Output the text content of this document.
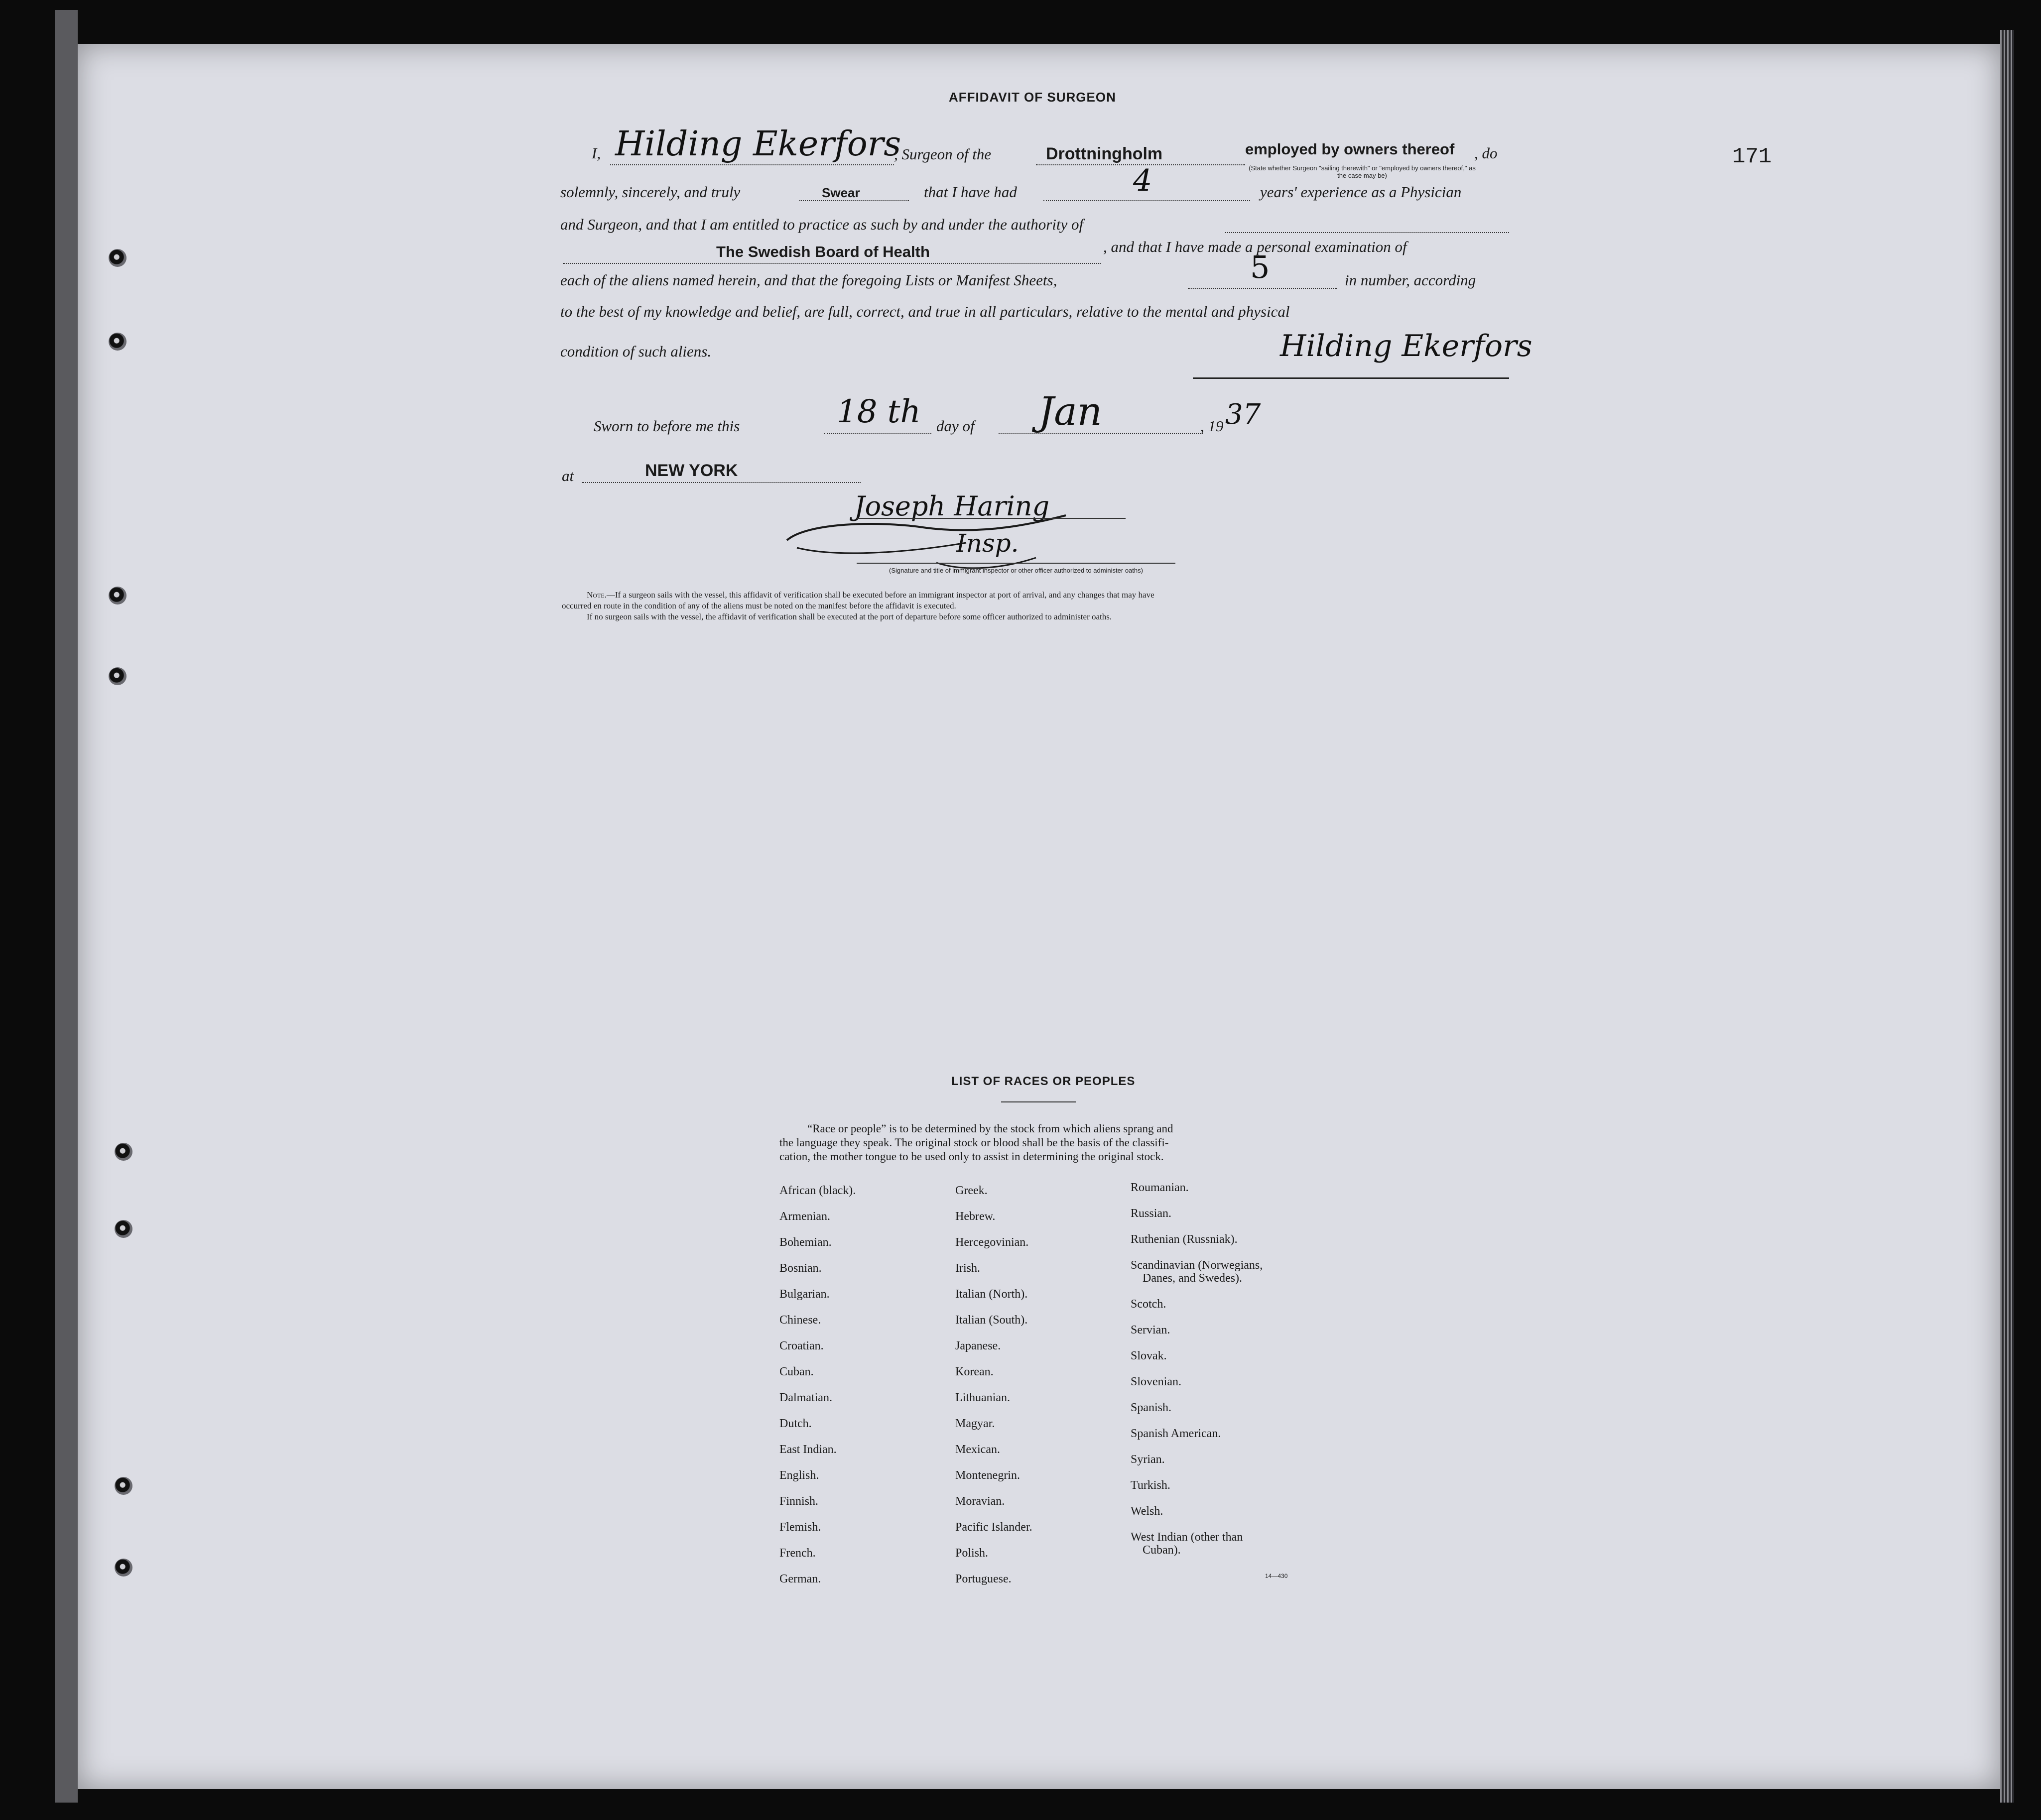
171
AFFIDAVIT OF SURGEON
I, Hilding Ekerfors
, Surgeon of the	Drottningholm	employed by owners thereof , do
(State whether Surgeon "sailing therewith" or "employed by owners thereof," as the case may be)
solemnly, sincerely, and truly	Swear	that I have had	4	years' experience as a Physician
and Surgeon, and that I am entitled to practice as such by and under the authority of
The Swedish Board of Health	, and that I have made a personal examination of
each of the aliens named herein, and that the foregoing Lists or Manifest Sheets,	5	in number, according
to the best of my knowledge and belief, are full, correct, and true in all particulars, relative to the mental and physical
condition of such aliens.	Hilding Ekerfors
Sworn to before me this	18 th day of Jan	, 19 37
at	NEW YORK
Joseph Haring
Insp.
(Signature and title of immigrant inspector or other officer authorized to administer oaths)
Note.—If a surgeon sails with the vessel, this affidavit of verification shall be executed before an immigrant inspector at port of arrival, and any changes that may have
occurred en route in the condition of any of the aliens must be noted on the manifest before the affidavit is executed.
If no surgeon sails with the vessel, the affidavit of verification shall be executed at the port of departure before some officer authorized to administer oaths.
LIST OF RACES OR PEOPLES
“Race or people” is to be determined by the stock from which aliens sprang and
the language they speak. The original stock or blood shall be the basis of the classifi-
cation, the mother tongue to be used only to assist in determining the original stock.
14—430
African (black).
Armenian.
Bohemian.
Bosnian.
Bulgarian.
Chinese.
Croatian.
Cuban.
Dalmatian.
Dutch.
East Indian.
English.
Finnish.
Flemish.
French.
German.
Greek.
Hebrew.
Hercegovinian.
Irish.
Italian (North).
Italian (South).
Japanese.
Korean.
Lithuanian.
Magyar.
Mexican.
Montenegrin.
Moravian.
Pacific Islander.
Polish.
Portuguese.
Roumanian.
Russian.
Ruthenian (Russniak).
Scandinavian (Norwegians,
Danes, and Swedes).
Scotch.
Servian.
Slovak.
Slovenian.
Spanish.
Spanish American.
Syrian.
Turkish.
Welsh.
West Indian (other than
Cuban).
